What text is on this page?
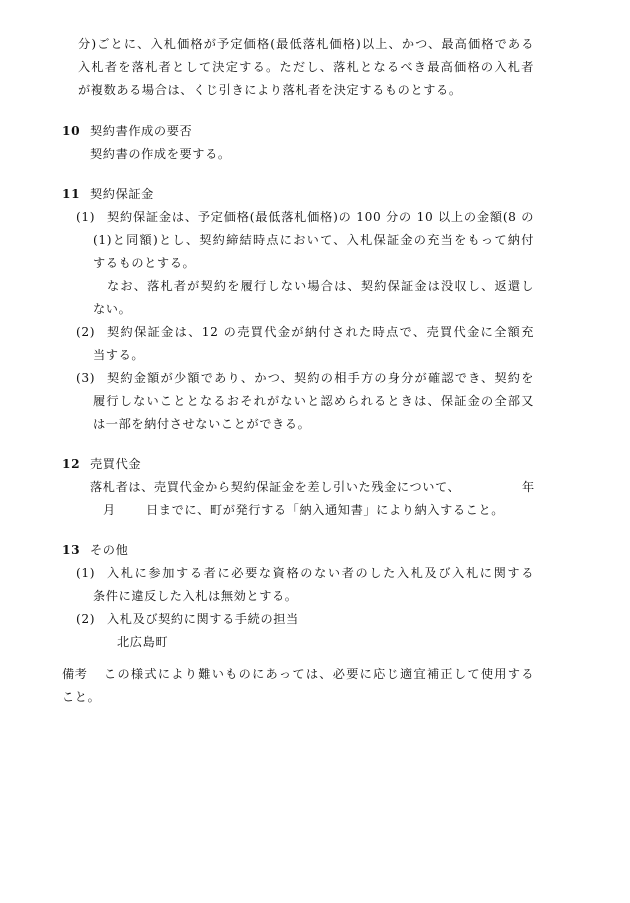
分)ごとに、入札価格が予定価格(最低落札価格)以上、かつ、最高価格である
入札者を落札者として決定する。ただし、落札となるべき最高価格の入札者
が複数ある場合は、くじ引きにより落札者を決定するものとする。
10 契約書作成の要否
契約書の作成を要する。
11 契約保証金
(1) 契約保証金は、予定価格(最低落札価格)の 100 分の 10 以上の金額(8 の
(1)と同額)とし、契約締結時点において、入札保証金の充当をもって納付
するものとする。
なお、落札者が契約を履行しない場合は、契約保証金は没収し、返還し
ない。
(2) 契約保証金は、12 の売買代金が納付された時点で、売買代金に全額充
当する。
(3) 契約金額が少額であり、かつ、契約の相手方の身分が確認でき、契約を
履行しないこととなるおそれがないと認められるときは、保証金の全部又
は一部を納付させないことができる。
12 売買代金
落札者は、売買代金から契約保証金を差し引いた残金について、	年
月 日までに、町が発行する「納入通知書」により納入すること。
13 その他
(1) 入札に参加する者に必要な資格のない者のした入札及び入札に関する
条件に違反した入札は無効とする。
(2) 入札及び契約に関する手続の担当
北広島町
備考 この様式により難いものにあっては、必要に応じ適宜補正して使用する
こと。
